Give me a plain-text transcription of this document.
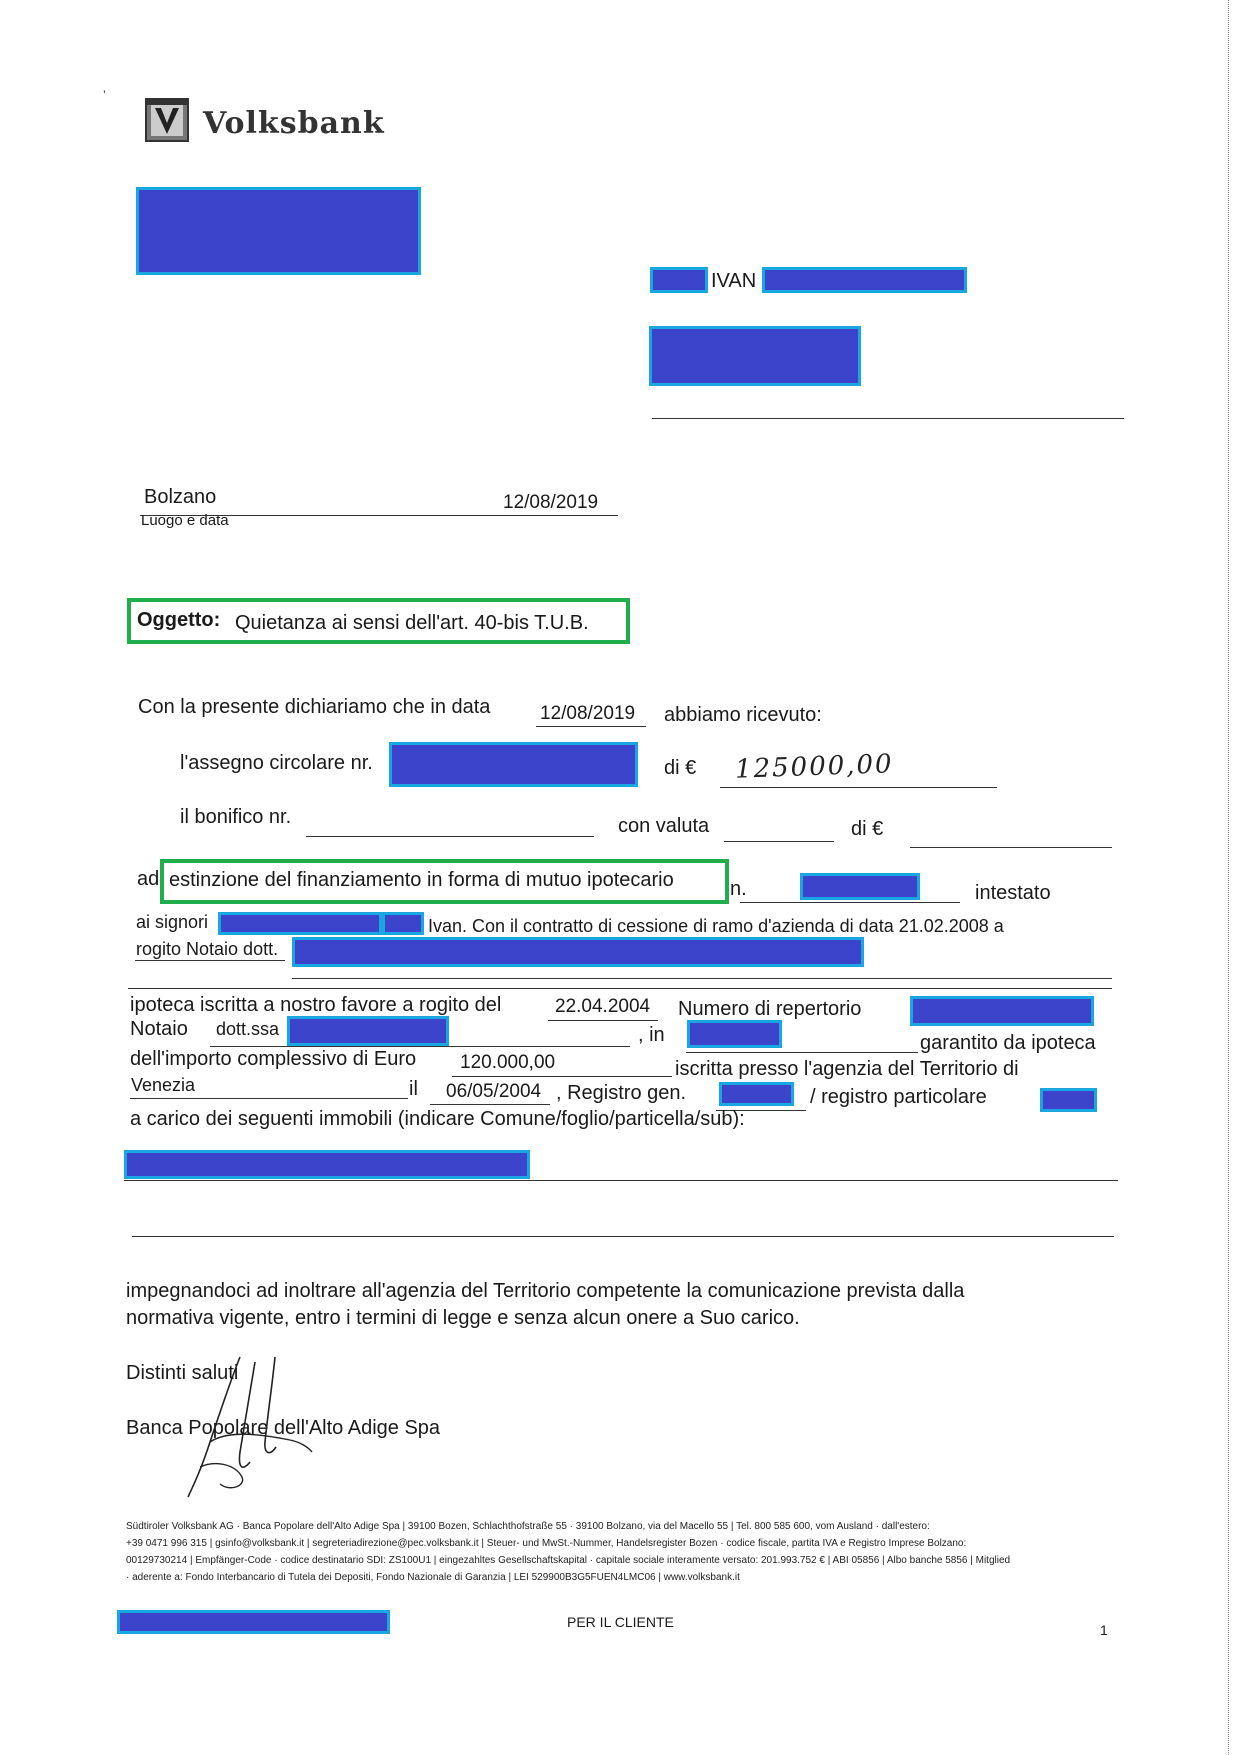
’
Volksbank
IVAN
Bolzano	12/08/2019
Luogo e data
Oggetto: Quietanza ai sensi dell'art. 40-bis T.U.B.
Con la presente dichiariamo che in data	12/08/2019 abbiamo ricevuto:
l'assegno circolare nr.	di € 125000,00
il bonifico nr.	con valuta	di €
ad estinzione del finanziamento in forma di mutuo ipotecario	n.	intestato
ai signori	Ivan. Con il contratto di cessione di ramo d'azienda di data 21.02.2008 a
rogito Notaio dott.
ipoteca iscritta a nostro favore a rogito del	22.04.2004 Numero di repertorio
Notaio dott.ssa	, in	garantito da ipoteca
dell'importo complessivo di Euro 120.000,00	iscritta presso l'agenzia del Territorio di
Venezia	il 06/05/2004 , Registro gen.	/ registro particolare
a carico dei seguenti immobili (indicare Comune/foglio/particella/sub):
impegnandoci ad inoltrare all'agenzia del Territorio competente la comunicazione prevista dalla
normativa vigente, entro i termini di legge e senza alcun onere a Suo carico.
Distinti saluti
Banca Popolare dell'Alto Adige Spa
Südtiroler Volksbank AG · Banca Popolare dell'Alto Adige Spa | 39100 Bozen, Schlachthofstraße 55 · 39100 Bolzano, via del Macello 55 | Tel. 800 585 600, vom Ausland · dall'estero:
+39 0471 996 315 | gsinfo@volksbank.it | segreteriadirezione@pec.volksbank.it | Steuer- und MwSt.-Nummer, Handelsregister Bozen · codice fiscale, partita IVA e Registro Imprese Bolzano:
00129730214 | Empfänger-Code · codice destinatario SDI: ZS100U1 | eingezahltes Gesellschaftskapital · capitale sociale interamente versato: 201.993.752 € | ABI 05856 | Albo banche 5856 | Mitglied
· aderente a: Fondo Interbancario di Tutela dei Depositi, Fondo Nazionale di Garanzia | LEI 529900B3G5FUEN4LMC06 | www.volksbank.it
PER IL CLIENTE	1
